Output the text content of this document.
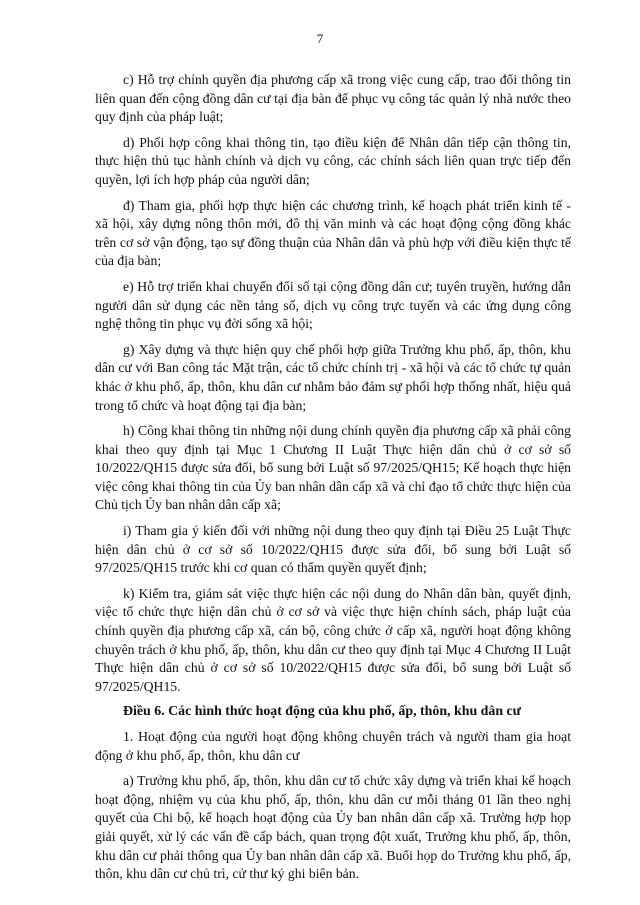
7

c) Hỗ trợ chính quyền địa phương cấp xã trong việc cung cấp, trao đổi thông tin liên quan đến cộng đồng dân cư tại địa bàn để phục vụ công tác quản lý nhà nước theo quy định của pháp luật;

d) Phối hợp công khai thông tin, tạo điều kiện để Nhân dân tiếp cận thông tin, thực hiện thủ tục hành chính và dịch vụ công, các chính sách liên quan trực tiếp đến quyền, lợi ích hợp pháp của người dân;

đ) Tham gia, phối hợp thực hiện các chương trình, kế hoạch phát triển kinh tế - xã hội, xây dựng nông thôn mới, đô thị văn minh và các hoạt động cộng đồng khác trên cơ sở vận động, tạo sự đồng thuận của Nhân dân và phù hợp với điều kiện thực tế của địa bàn;

e) Hỗ trợ triển khai chuyển đổi số tại cộng đồng dân cư; tuyên truyền, hướng dẫn người dân sử dụng các nền tảng số, dịch vụ công trực tuyến và các ứng dụng công nghệ thông tin phục vụ đời sống xã hội;

g) Xây dựng và thực hiện quy chế phối hợp giữa Trưởng khu phố, ấp, thôn, khu dân cư với Ban công tác Mặt trận, các tổ chức chính trị - xã hội và các tổ chức tự quản khác ở khu phố, ấp, thôn, khu dân cư nhằm bảo đảm sự phối hợp thống nhất, hiệu quả trong tổ chức và hoạt động tại địa bàn;

h) Công khai thông tin những nội dung chính quyền địa phương cấp xã phải công khai theo quy định tại Mục 1 Chương II Luật Thực hiện dân chủ ở cơ sở số 10/2022/QH15 được sửa đổi, bổ sung bởi Luật số 97/2025/QH15; Kế hoạch thực hiện việc công khai thông tin của Ủy ban nhân dân cấp xã và chỉ đạo tổ chức thực hiện của Chủ tịch Ủy ban nhân dân cấp xã;

i) Tham gia ý kiến đối với những nội dung theo quy định tại Điều 25 Luật Thực hiện dân chủ ở cơ sở số 10/2022/QH15 được sửa đổi, bổ sung bởi Luật số 97/2025/QH15 trước khi cơ quan có thẩm quyền quyết định;

k) Kiểm tra, giám sát việc thực hiện các nội dung do Nhân dân bàn, quyết định, việc tổ chức thực hiện dân chủ ở cơ sở và việc thực hiện chính sách, pháp luật của chính quyền địa phương cấp xã, cán bộ, công chức ở cấp xã, người hoạt động không chuyên trách ở khu phố, ấp, thôn, khu dân cư theo quy định tại Mục 4 Chương II Luật Thực hiện dân chủ ở cơ sở số 10/2022/QH15 được sửa đổi, bổ sung bởi Luật số 97/2025/QH15.

Điều 6. Các hình thức hoạt động của khu phố, ấp, thôn, khu dân cư

1. Hoạt động của người hoạt động không chuyên trách và người tham gia hoạt động ở khu phố, ấp, thôn, khu dân cư

a) Trưởng khu phố, ấp, thôn, khu dân cư tổ chức xây dựng và triển khai kế hoạch hoạt động, nhiệm vụ của khu phố, ấp, thôn, khu dân cư mỗi tháng 01 lần theo nghị quyết của Chi bộ, kế hoạch hoạt động của Ủy ban nhân dân cấp xã. Trường hợp họp giải quyết, xử lý các vấn đề cấp bách, quan trọng đột xuất, Trưởng khu phố, ấp, thôn, khu dân cư phải thông qua Ủy ban nhân dân cấp xã. Buổi họp do Trưởng khu phố, ấp, thôn, khu dân cư chủ trì, cử thư ký ghi biên bản.
